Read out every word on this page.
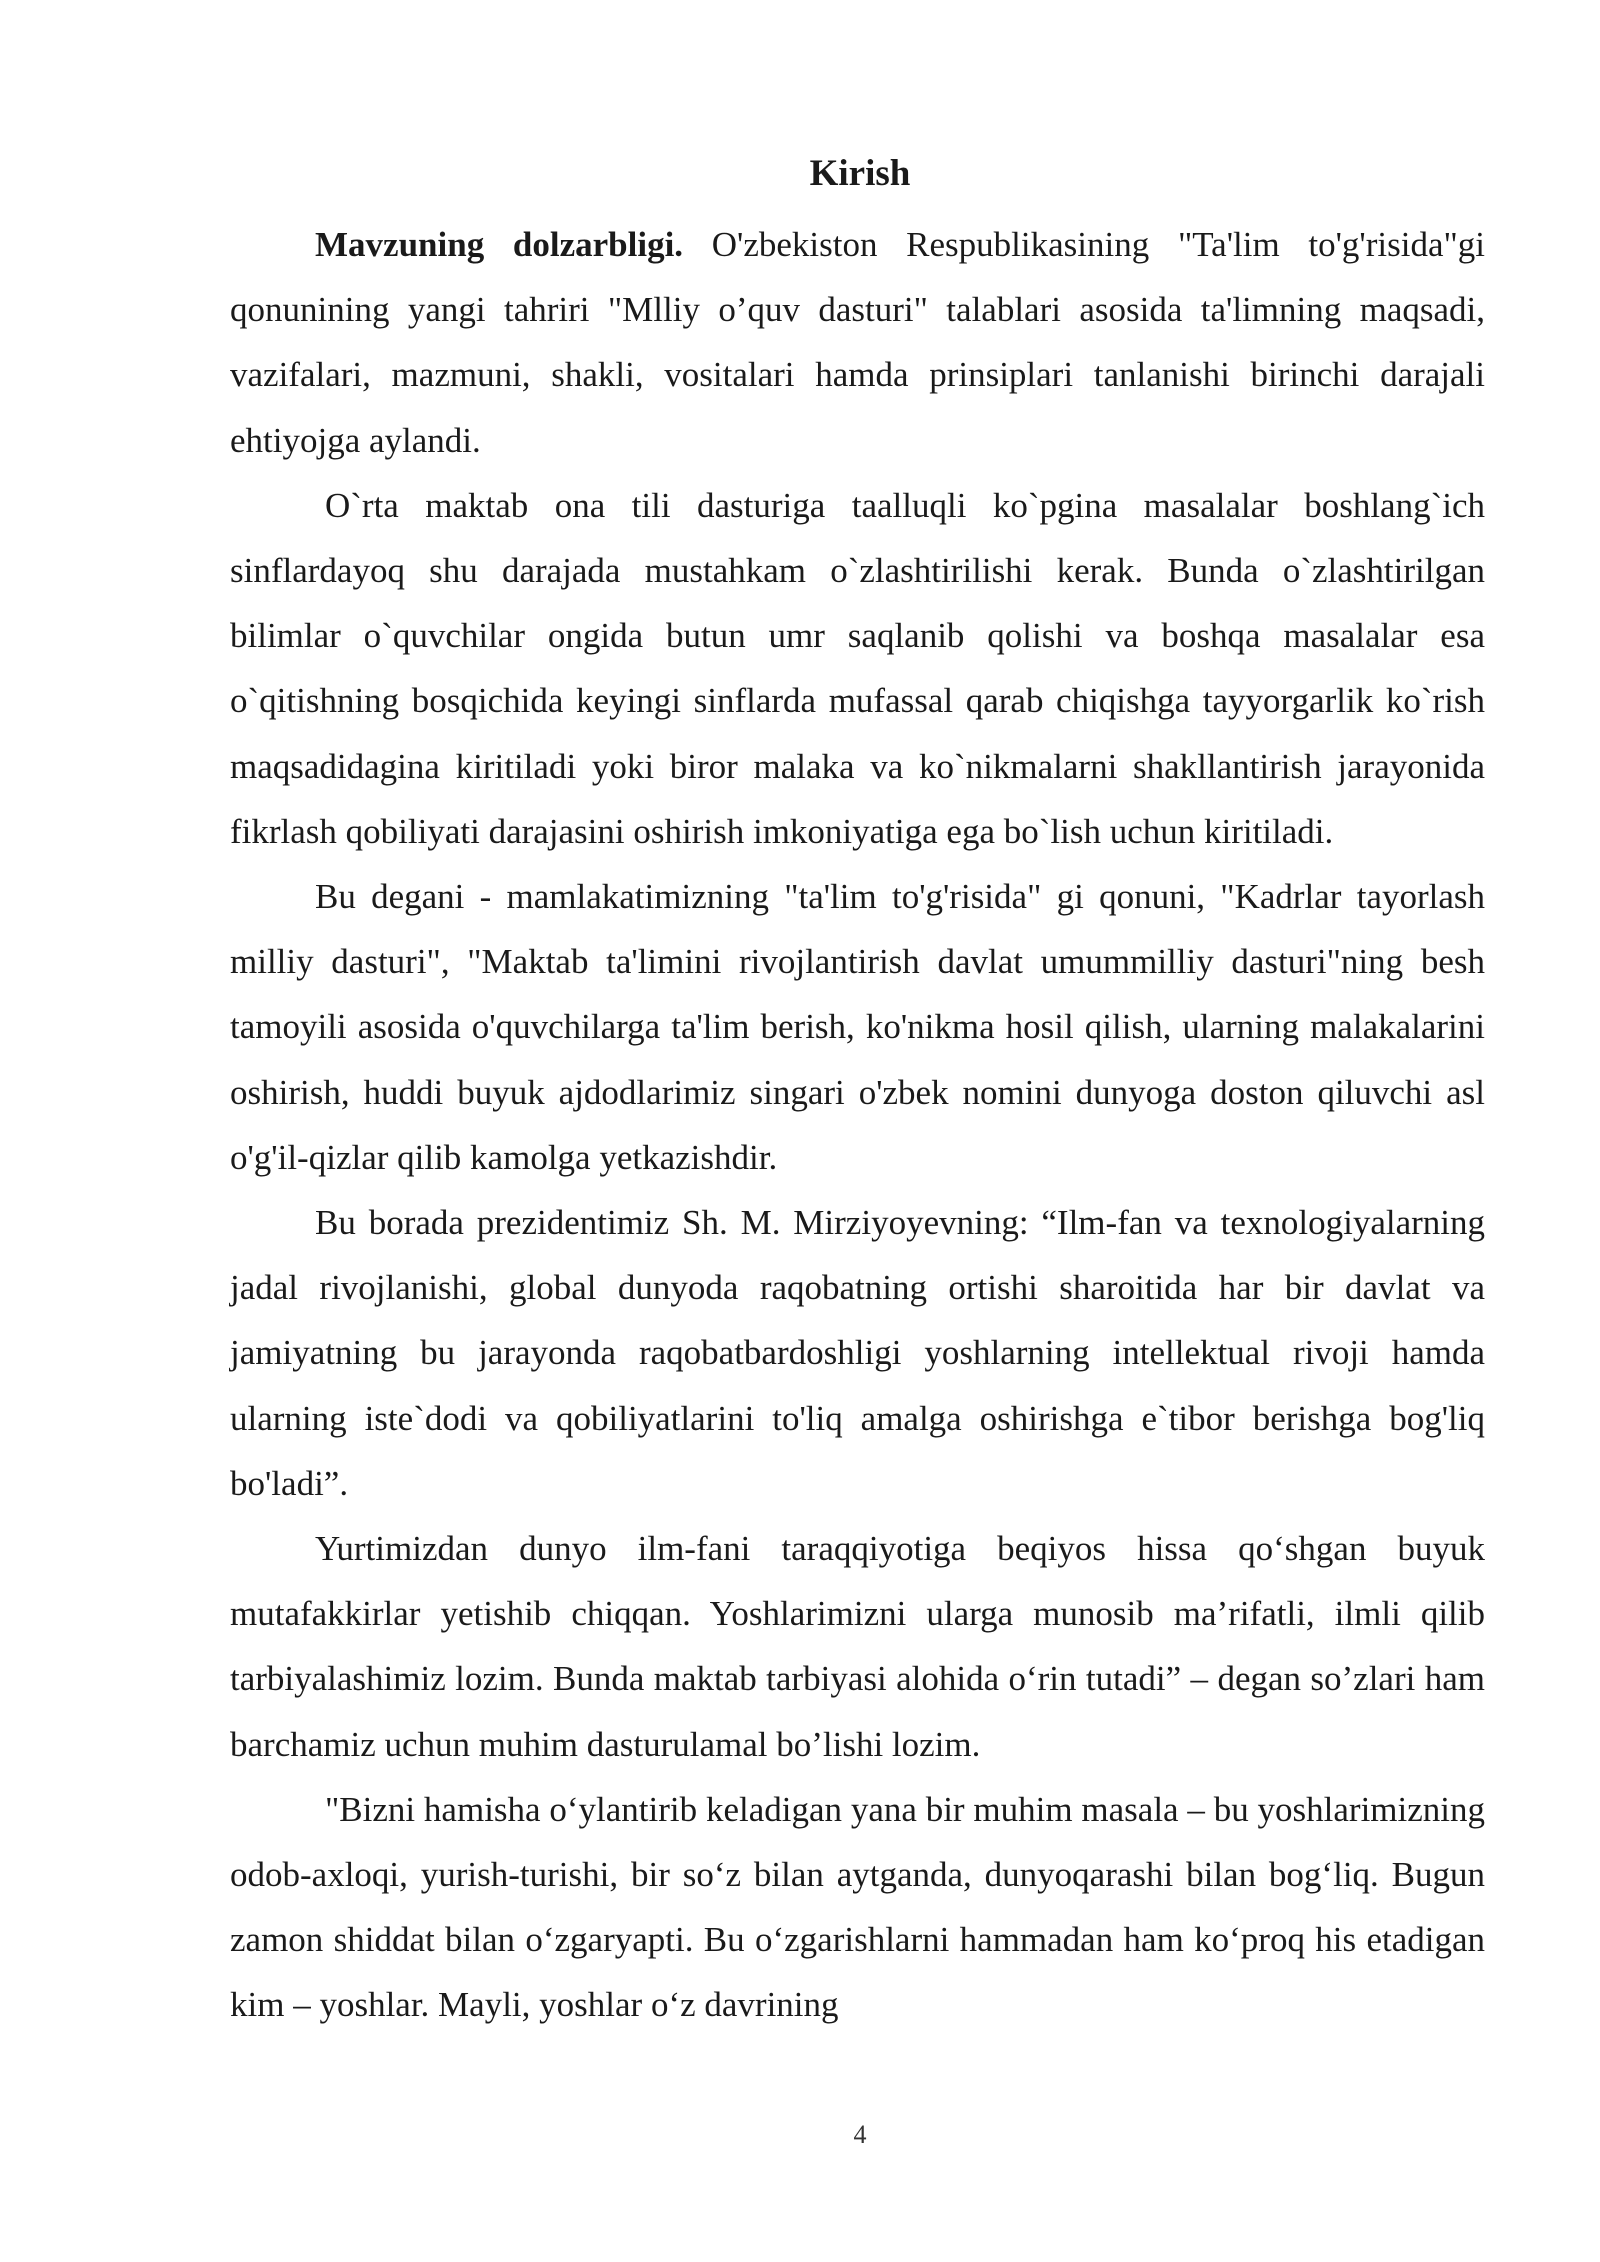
Kirish

Mavzuning dolzarbligi. O'zbekiston Respublikasining "Ta'lim to'g'risida"gi qonunining yangi tahriri "Mlliy o’quv dasturi" talablari asosida ta'limning maqsadi, vazifalari, mazmuni, shakli, vositalari hamda prinsiplari tanlanishi birinchi darajali ehtiyojga aylandi.

O`rta maktab ona tili dasturiga taalluqli ko`pgina masalalar boshlang`ich sinflardayoq shu darajada mustahkam o`zlashtirilishi kerak. Bunda o`zlashtirilgan bilimlar o`quvchilar ongida butun umr saqlanib qolishi va boshqa masalalar esa o`qitishning bosqichida keyingi sinflarda mufassal qarab chiqishga tayyorgarlik ko`rish maqsadidagina kiritiladi yoki biror malaka va ko`nikmalarni shakllantirish jarayonida fikrlash qobiliyati darajasini oshirish imkoniyatiga ega bo`lish uchun kiritiladi.

Bu degani - mamlakatimizning "ta'lim to'g'risida" gi qonuni, "Kadrlar tayorlash milliy dasturi", "Maktab ta'limini rivojlantirish davlat umummilliy dasturi"ning besh tamoyili asosida o'quvchilarga ta'lim berish, ko'nikma hosil qilish, ularning malakalarini oshirish, huddi buyuk ajdodlarimiz singari o'zbek nomini dunyoga doston qiluvchi asl o'g'il-qizlar qilib kamolga yetkazishdir.

Bu borada prezidentimiz Sh. M. Mirziyoyevning: “Ilm-fan va texnologiyalarning jadal rivojlanishi, global dunyoda raqobatning ortishi sharoitida har bir davlat va jamiyatning bu jarayonda raqobatbardoshligi yoshlarning intellektual rivoji hamda ularning iste`dodi va qobiliyatlarini to'liq amalga oshirishga e`tibor berishga bog'liq bo'ladi”.

Yurtimizdan dunyo ilm-fani taraqqiyotiga beqiyos hissa qo‘shgan buyuk mutafakkirlar yetishib chiqqan. Yoshlarimizni ularga munosib ma’rifatli, ilmli qilib tarbiyalashimiz lozim. Bunda maktab tarbiyasi alohida o‘rin tutadi” – degan so’zlari ham barchamiz uchun muhim dasturulamal bo’lishi lozim.

"Bizni hamisha o‘ylantirib keladigan yana bir muhim masala – bu yoshlarimizning odob-axloqi, yurish-turishi, bir so‘z bilan aytganda, dunyoqarashi bilan bog‘liq. Bugun zamon shiddat bilan o‘zgaryapti. Bu o‘zgarishlarni hammadan ham ko‘proq his etadigan kim – yoshlar. Mayli, yoshlar o‘z davrining

4
